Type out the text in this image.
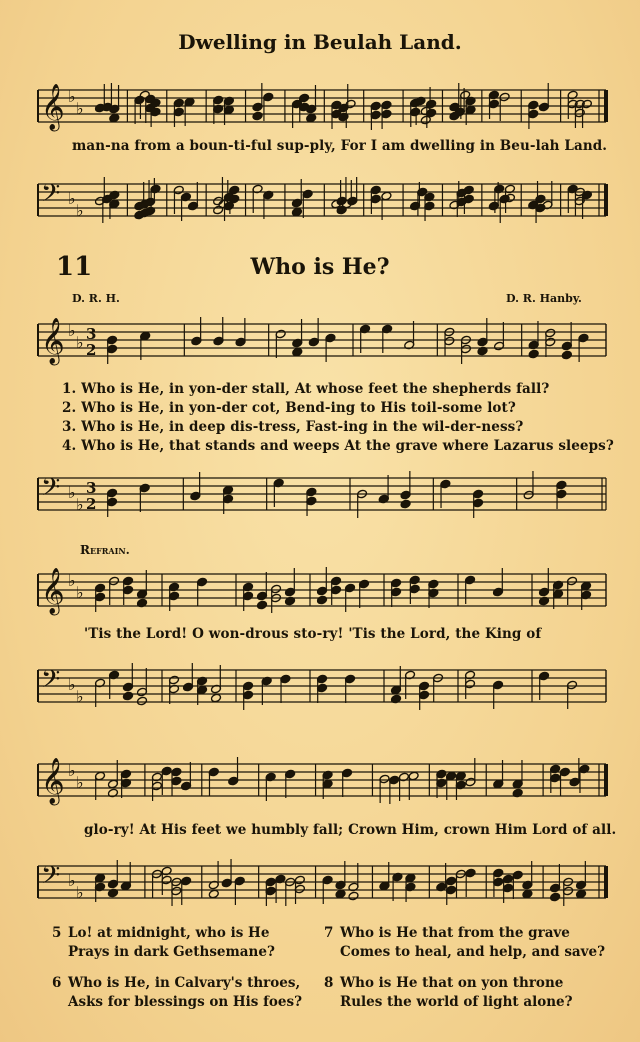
Dwelling in Beulah Land.
𝄞 ♭
♭
man-na from a boun-ti-ful sup-ply, For I am dwelling in Beu-lah Land.
𝄢 ♭
♭
11	Who is He?
D. R. H.	D. R. Hanby.
𝄞 ♭
♭ 3
2
1. Who is He, in yon-der stall, At whose feet the shepherds fall?
2. Who is He, in yon-der cot, Bend-ing to His toil-some lot?
3. Who is He, in deep dis-tress, Fast-ing in the wil-der-ness?
4. Who is He, that stands and weeps At the grave where Lazarus sleeps?
𝄢 ♭
♭
3
2
Refrain.
𝄞 ♭
♭
'Tis the Lord! O won-drous sto-ry! 'Tis the Lord, the King of
𝄢 ♭
♭
𝄞 ♭
♭
glo-ry! At His feet we humbly fall; Crown Him, crown Him Lord of all.
𝄢 ♭
♭
5 Lo! at midnight, who is He
Prays in dark Gethsemane?
6 Who is He, in Calvary's throes,
Asks for blessings on His foes?
7 Who is He that from the grave
Comes to heal, and help, and save?
8 Who is He that on yon throne
Rules the world of light alone?
